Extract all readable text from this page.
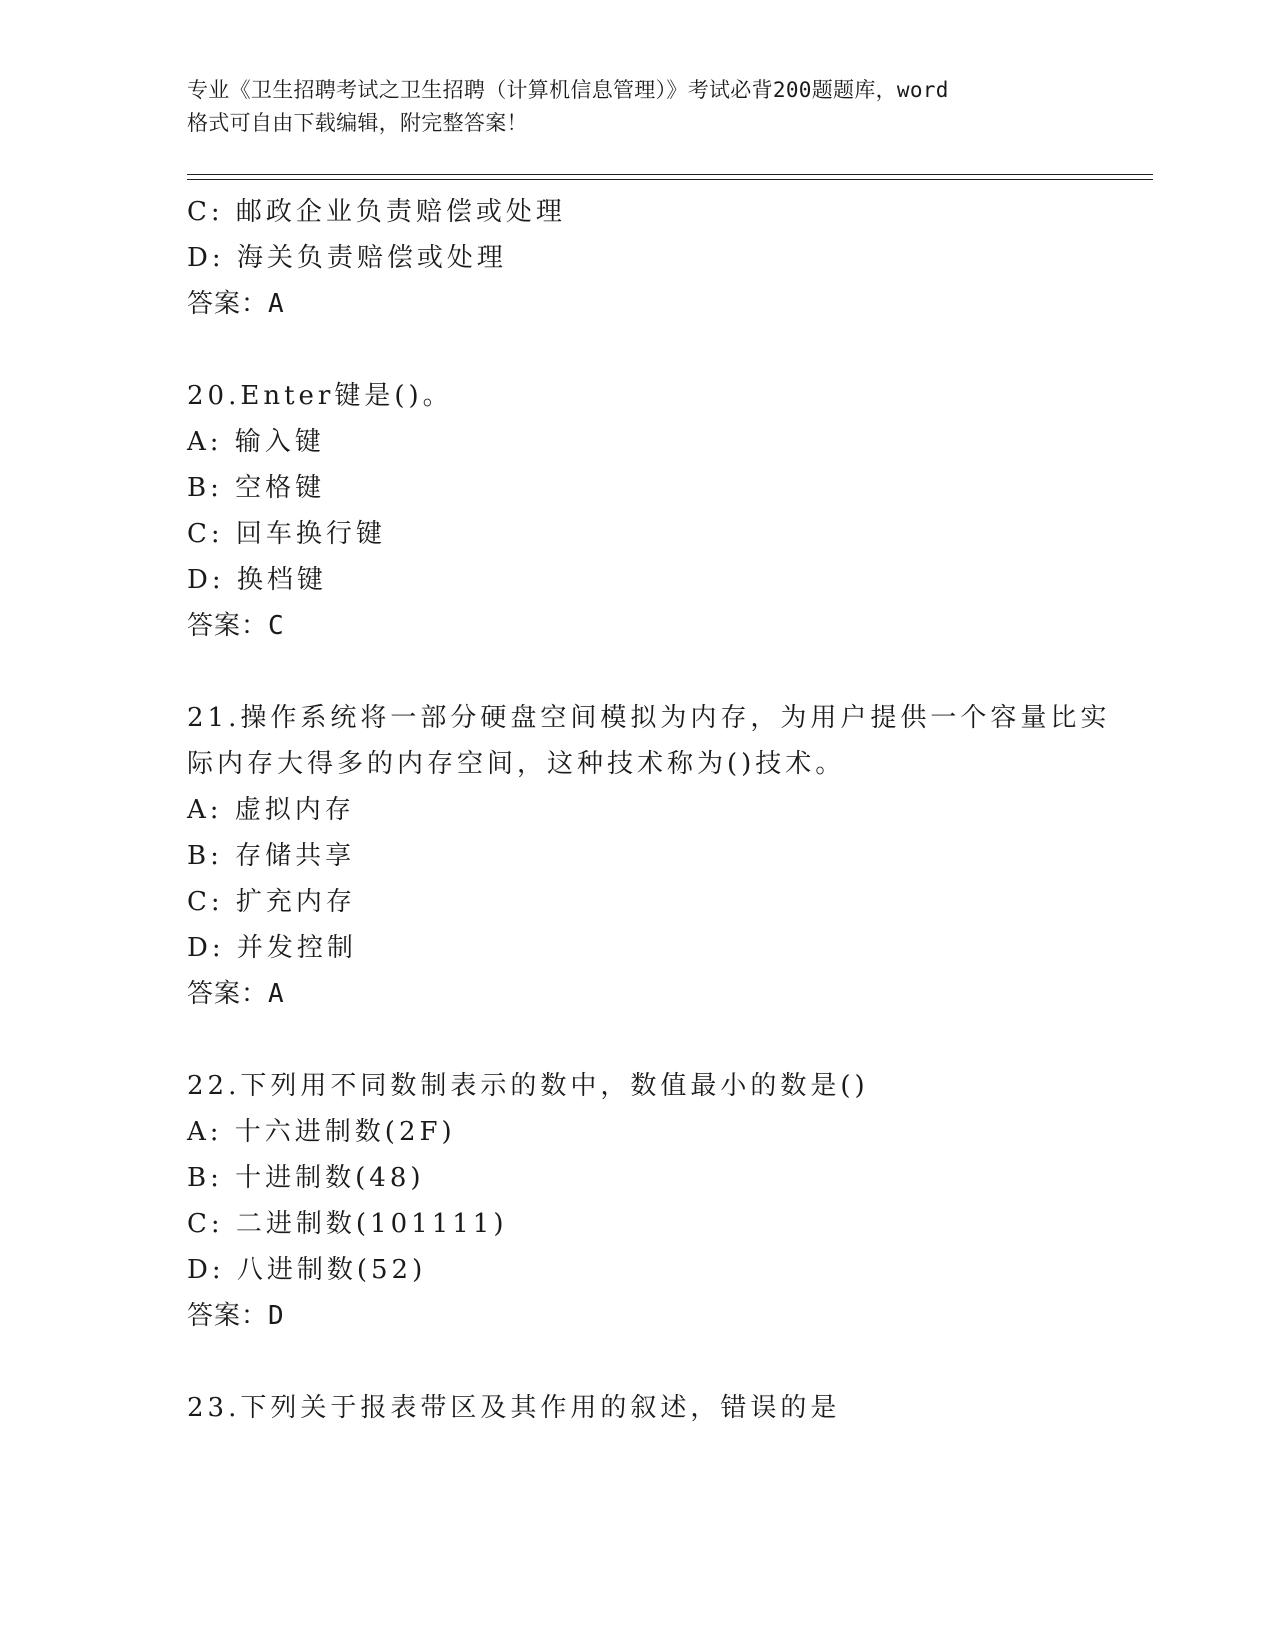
专业《卫生招聘考试之卫生招聘（计算机信息管理）》考试必背200题题库，word
格式可自由下载编辑，附完整答案！
C: 邮政企业负责赔偿或处理
D: 海关负责赔偿或处理
答案：A
20.Enter键是()。
A: 输入键
B: 空格键
C: 回车换行键
D: 换档键
答案：C
21.操作系统将一部分硬盘空间模拟为内存，为用户提供一个容量比实
际内存大得多的内存空间，这种技术称为()技术。
A: 虚拟内存
B: 存储共享
C: 扩充内存
D: 并发控制
答案：A
22.下列用不同数制表示的数中，数值最小的数是()
A: 十六进制数(2F)
B: 十进制数(48)
C: 二进制数(101111)
D: 八进制数(52)
答案：D
23.下列关于报表带区及其作用的叙述，错误的是
